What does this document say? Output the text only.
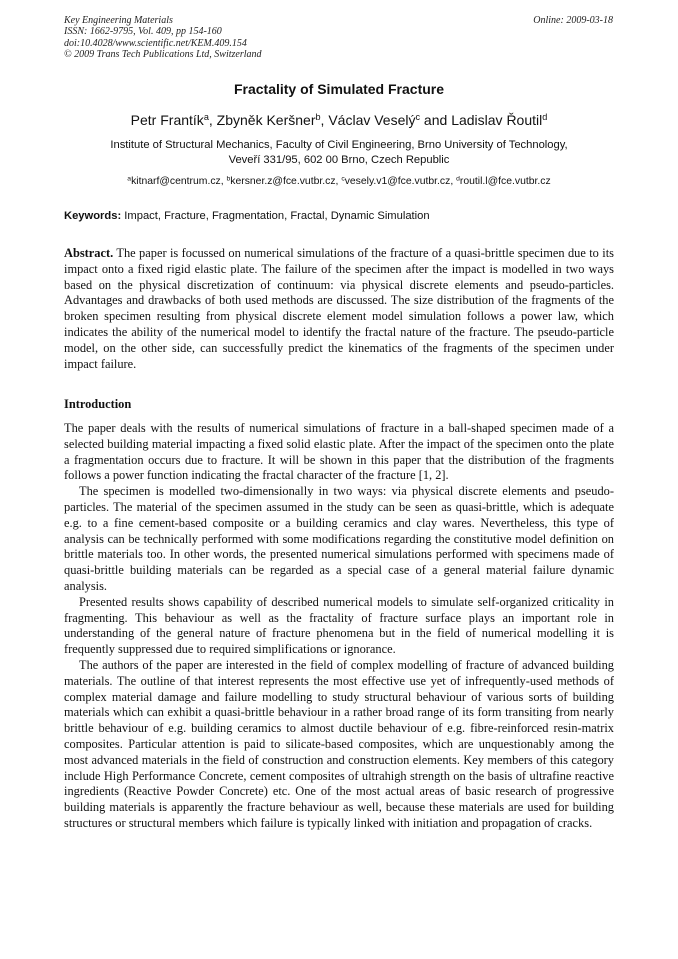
Key Engineering Materials
ISSN: 1662-9795, Vol. 409, pp 154-160
doi:10.4028/www.scientific.net/KEM.409.154
© 2009 Trans Tech Publications Ltd, Switzerland
Online: 2009-03-18
Fractality of Simulated Fracture
Petr Frantík$^a$, Zbyněk Keršner$^b$, Václav Veselý$^c$ and Ladislav Řoutil$^d$
Institute of Structural Mechanics, Faculty of Civil Engineering, Brno University of Technology,
Veveří 331/95, 602 00 Brno, Czech Republic
$^a$kitnarf@centrum.cz, $^b$kersner.z@fce.vutbr.cz, $^c$vesely.v1@fce.vutbr.cz, $^d$routil.l@fce.vutbr.cz
Keywords: Impact, Fracture, Fragmentation, Fractal, Dynamic Simulation

Abstract. The paper is focussed on numerical simulations of the fracture of a quasi-brittle specimen due to its impact onto a fixed rigid elastic plate. The failure of the specimen after the impact is modelled in two ways based on the physical discretization of continuum: via physical discrete elements and pseudo-particles. Advantages and drawbacks of both used methods are discussed. The size distribution of the fragments of the broken specimen resulting from physical discrete element model simulation follows a power law, which indicates the ability of the numerical model to identify the fractal nature of the fracture. The pseudo-particle model, on the other side, can successfully predict the kinematics of the fragments of the specimen under impact failure.

Introduction

The paper deals with the results of numerical simulations of fracture in a ball-shaped specimen made of a selected building material impacting a fixed solid elastic plate. After the impact of the specimen onto the plate a fragmentation occurs due to fracture. It will be shown in this paper that the distribution of the fragments follows a power function indicating the fractal character of the fracture [1, 2].

The specimen is modelled two-dimensionally in two ways: via physical discrete elements and pseudo-particles. The material of the specimen assumed in the study can be seen as quasi-brittle, which is adequate e.g. to a fine cement-based composite or a building ceramics and clay wares. Nevertheless, this type of analysis can be technically performed with some modifications regarding the constitutive model definition on brittle materials too. In other words, the presented numerical simulations performed with specimens made of quasi-brittle building materials can be regarded as a special case of a general material failure dynamic analysis.

Presented results shows capability of described numerical models to simulate self-organized criticality in fragmenting. This behaviour as well as the fractality of fracture surface plays an important role in understanding of the general nature of fracture phenomena but in the field of numerical modelling it is frequently suppressed due to required simplifications or ignorance.

The authors of the paper are interested in the field of complex modelling of fracture of advanced building materials. The outline of that interest represents the most effective use yet of infrequently-used methods of complex material damage and failure modelling to study structural behaviour of various sorts of building materials which can exhibit a quasi-brittle behaviour in a rather broad range of its form transiting from nearly brittle behaviour of e.g. building ceramics to almost ductile behaviour of e.g. fibre-reinforced resin-matrix composites. Particular attention is paid to silicate-based composites, which are unquestionably among the most advanced materials in the field of construction and construction elements. Key members of this category include High Performance Concrete, cement composites of ultrahigh strength on the basis of ultrafine reactive ingredients (Reactive Powder Concrete) etc. One of the most actual areas of basic research of progressive building materials is apparently the fracture behaviour as well, because these materials are used for building structures or structural members which failure is typically linked with initiation and propagation of cracks.
